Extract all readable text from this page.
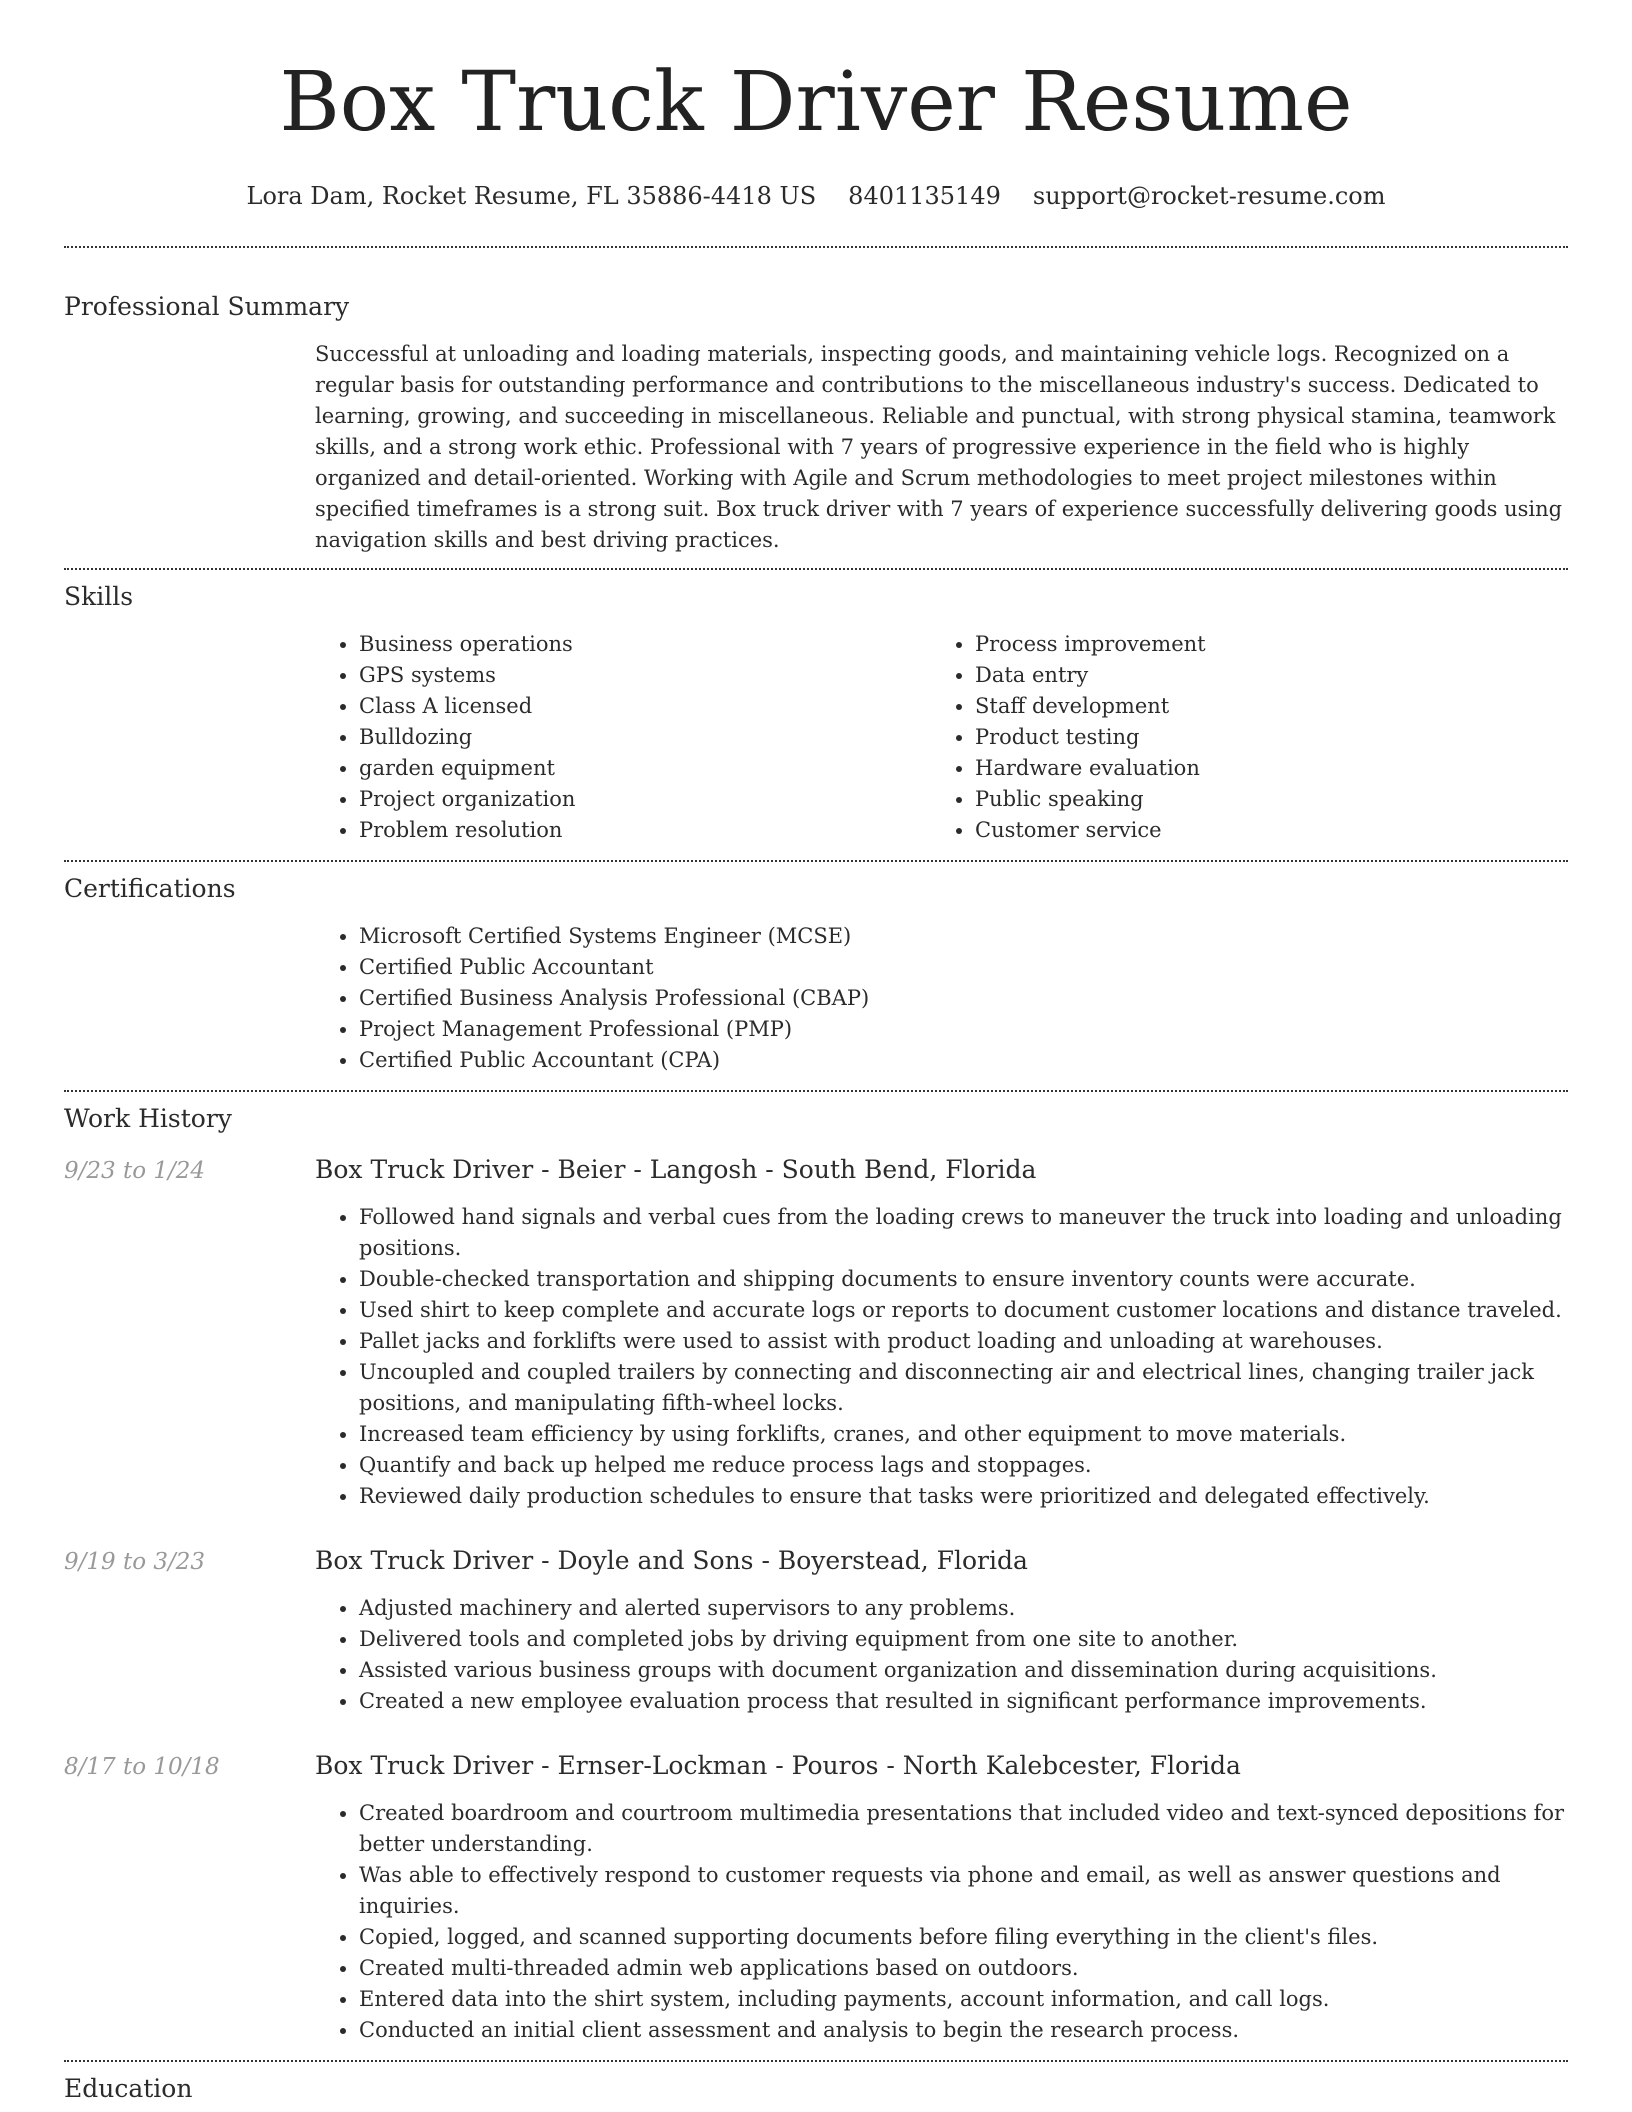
Box Truck Driver Resume
Lora Dam, Rocket Resume, FL 35886-4418 US 8401135149 support@rocket-resume.com
Professional Summary
Successful at unloading and loading materials, inspecting goods, and maintaining vehicle logs. Recognized on a regular basis for outstanding performance and contributions to the miscellaneous industry's success. Dedicated to learning, growing, and succeeding in miscellaneous. Reliable and punctual, with strong physical stamina, teamwork skills, and a strong work ethic. Professional with 7 years of progressive experience in the field who is highly organized and detail-oriented. Working with Agile and Scrum methodologies to meet project milestones within specified timeframes is a strong suit. Box truck driver with 7 years of experience successfully delivering goods using navigation skills and best driving practices.
Skills
• Business operations
• GPS systems
• Class A licensed
• Bulldozing
• garden equipment
• Project organization
• Problem resolution
• Process improvement
• Data entry
• Staff development
• Product testing
• Hardware evaluation
• Public speaking
• Customer service
Certifications
• Microsoft Certified Systems Engineer (MCSE)
• Certified Public Accountant
• Certified Business Analysis Professional (CBAP)
• Project Management Professional (PMP)
• Certified Public Accountant (CPA)
Work History
9/23 to 1/24	Box Truck Driver - Beier - Langosh - South Bend, Florida
• Followed hand signals and verbal cues from the loading crews to maneuver the truck into loading and unloading positions.
• Double-checked transportation and shipping documents to ensure inventory counts were accurate.
• Used shirt to keep complete and accurate logs or reports to document customer locations and distance traveled.
• Pallet jacks and forklifts were used to assist with product loading and unloading at warehouses.
• Uncoupled and coupled trailers by connecting and disconnecting air and electrical lines, changing trailer jack positions, and manipulating fifth-wheel locks.
• Increased team efficiency by using forklifts, cranes, and other equipment to move materials.
• Quantify and back up helped me reduce process lags and stoppages.
• Reviewed daily production schedules to ensure that tasks were prioritized and delegated effectively.
9/19 to 3/23	Box Truck Driver - Doyle and Sons - Boyerstead, Florida
• Adjusted machinery and alerted supervisors to any problems.
• Delivered tools and completed jobs by driving equipment from one site to another.
• Assisted various business groups with document organization and dissemination during acquisitions.
• Created a new employee evaluation process that resulted in significant performance improvements.
8/17 to 10/18	Box Truck Driver - Ernser-Lockman - Pouros - North Kalebcester, Florida
• Created boardroom and courtroom multimedia presentations that included video and text-synced depositions for better understanding.
• Was able to effectively respond to customer requests via phone and email, as well as answer questions and inquiries.
• Copied, logged, and scanned supporting documents before filing everything in the client's files.
• Created multi-threaded admin web applications based on outdoors.
• Entered data into the shirt system, including payments, account information, and call logs.
• Conducted an initial client assessment and analysis to begin the research process.
Education
